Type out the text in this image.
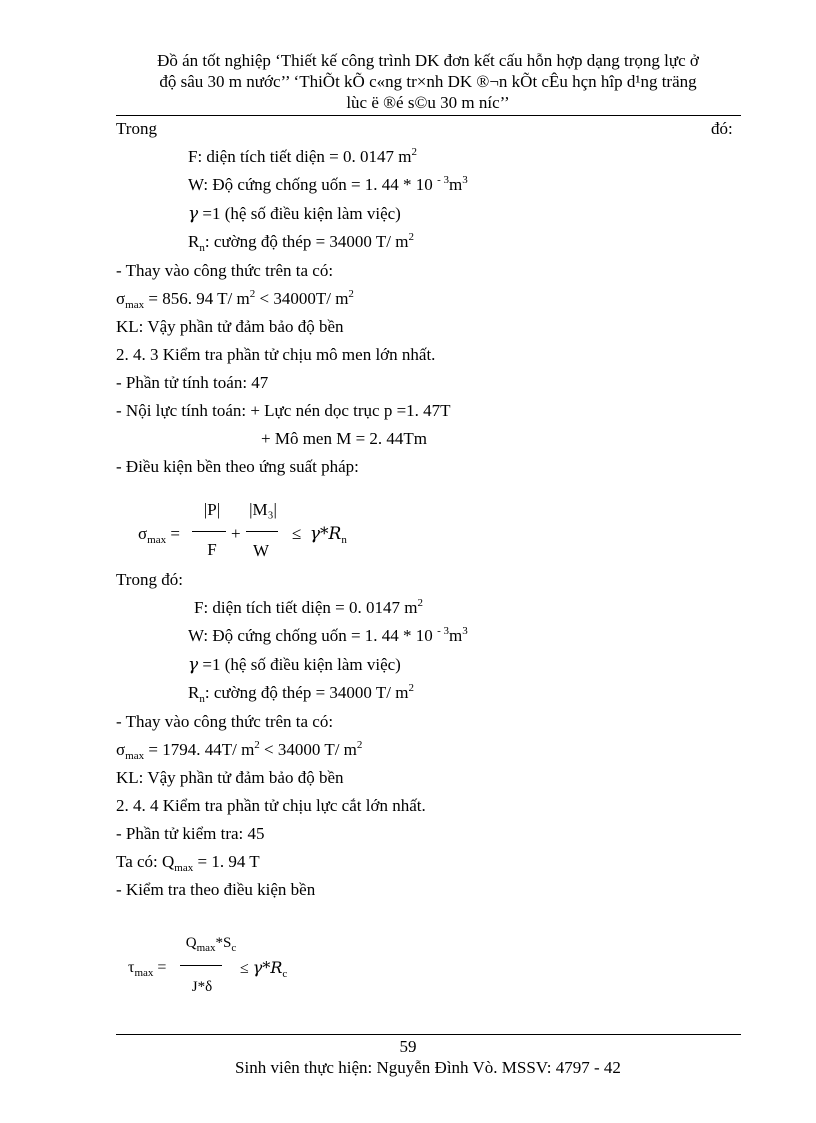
Đồ án tốt nghiệp ‘Thiết kế công trình DK đơn kết cấu hỗn hợp dạng trọng lực ở
độ sâu 30 m nước’’ ‘ThiÕt kÕ c«ng tr×nh DK ®¬n kÕt cÊu hçn hîp d¹ng träng
lùc ë ®é s©u 30 m níc’’
Trong	đó:
F: diện tích tiết diện = 0. 0147 $m^2$
W: Độ cứng chống uốn = 1. 44 * 10 $^{- 3}m^3$
γ =1 (hệ số điều kiện làm việc)
$R_n$: cường độ thép = 34000 T/ $m^2$
- Thay vào công thức trên ta có:
$\sigma_{max} = 856$. 94 T/ $m^2 < 34000T/$ $m^2$
KL: Vậy phần tử đảm bảo độ bền
2. 4. 3 Kiểm tra phần tử chịu mô men lớn nhất.
- Phần tử tính toán: 47
- Nội lực tính toán: + Lực nén dọc trục p =1. 47T
+ Mô men M = 2. 44Tm
- Điều kiện bền theo ứng suất pháp:
$\sigma_{max}$ =
|P|
F
+
|M₃|
W
≤ $\gamma*R_n$
Trong đó:
F: diện tích tiết diện = 0. 0147 $m^2$
W: Độ cứng chống uốn = 1. 44 * 10 $^{- 3}m^3$
γ =1 (hệ số điều kiện làm việc)
$R_n$: cường độ thép = 34000 T/ $m^2$
- Thay vào công thức trên ta có:
$\sigma_{max} = 1794$. 44T/ $m^2 < 34000$ T/ $m^2$
KL: Vậy phần tử đảm bảo độ bền
2. 4. 4 Kiểm tra phần tử chịu lực cắt lớn nhất.
- Phần tử kiểm tra: 45
Ta có: $Q_{max} = 1$. 94 T
- Kiểm tra theo điều kiện bền
$\tau_{max}$ =
$Q_{max}*S_c$
J*δ
≤ $\gamma*R_c$
59
Sinh viên thực hiện: Nguyễn Đình Vò. MSSV: 4797 - 42
